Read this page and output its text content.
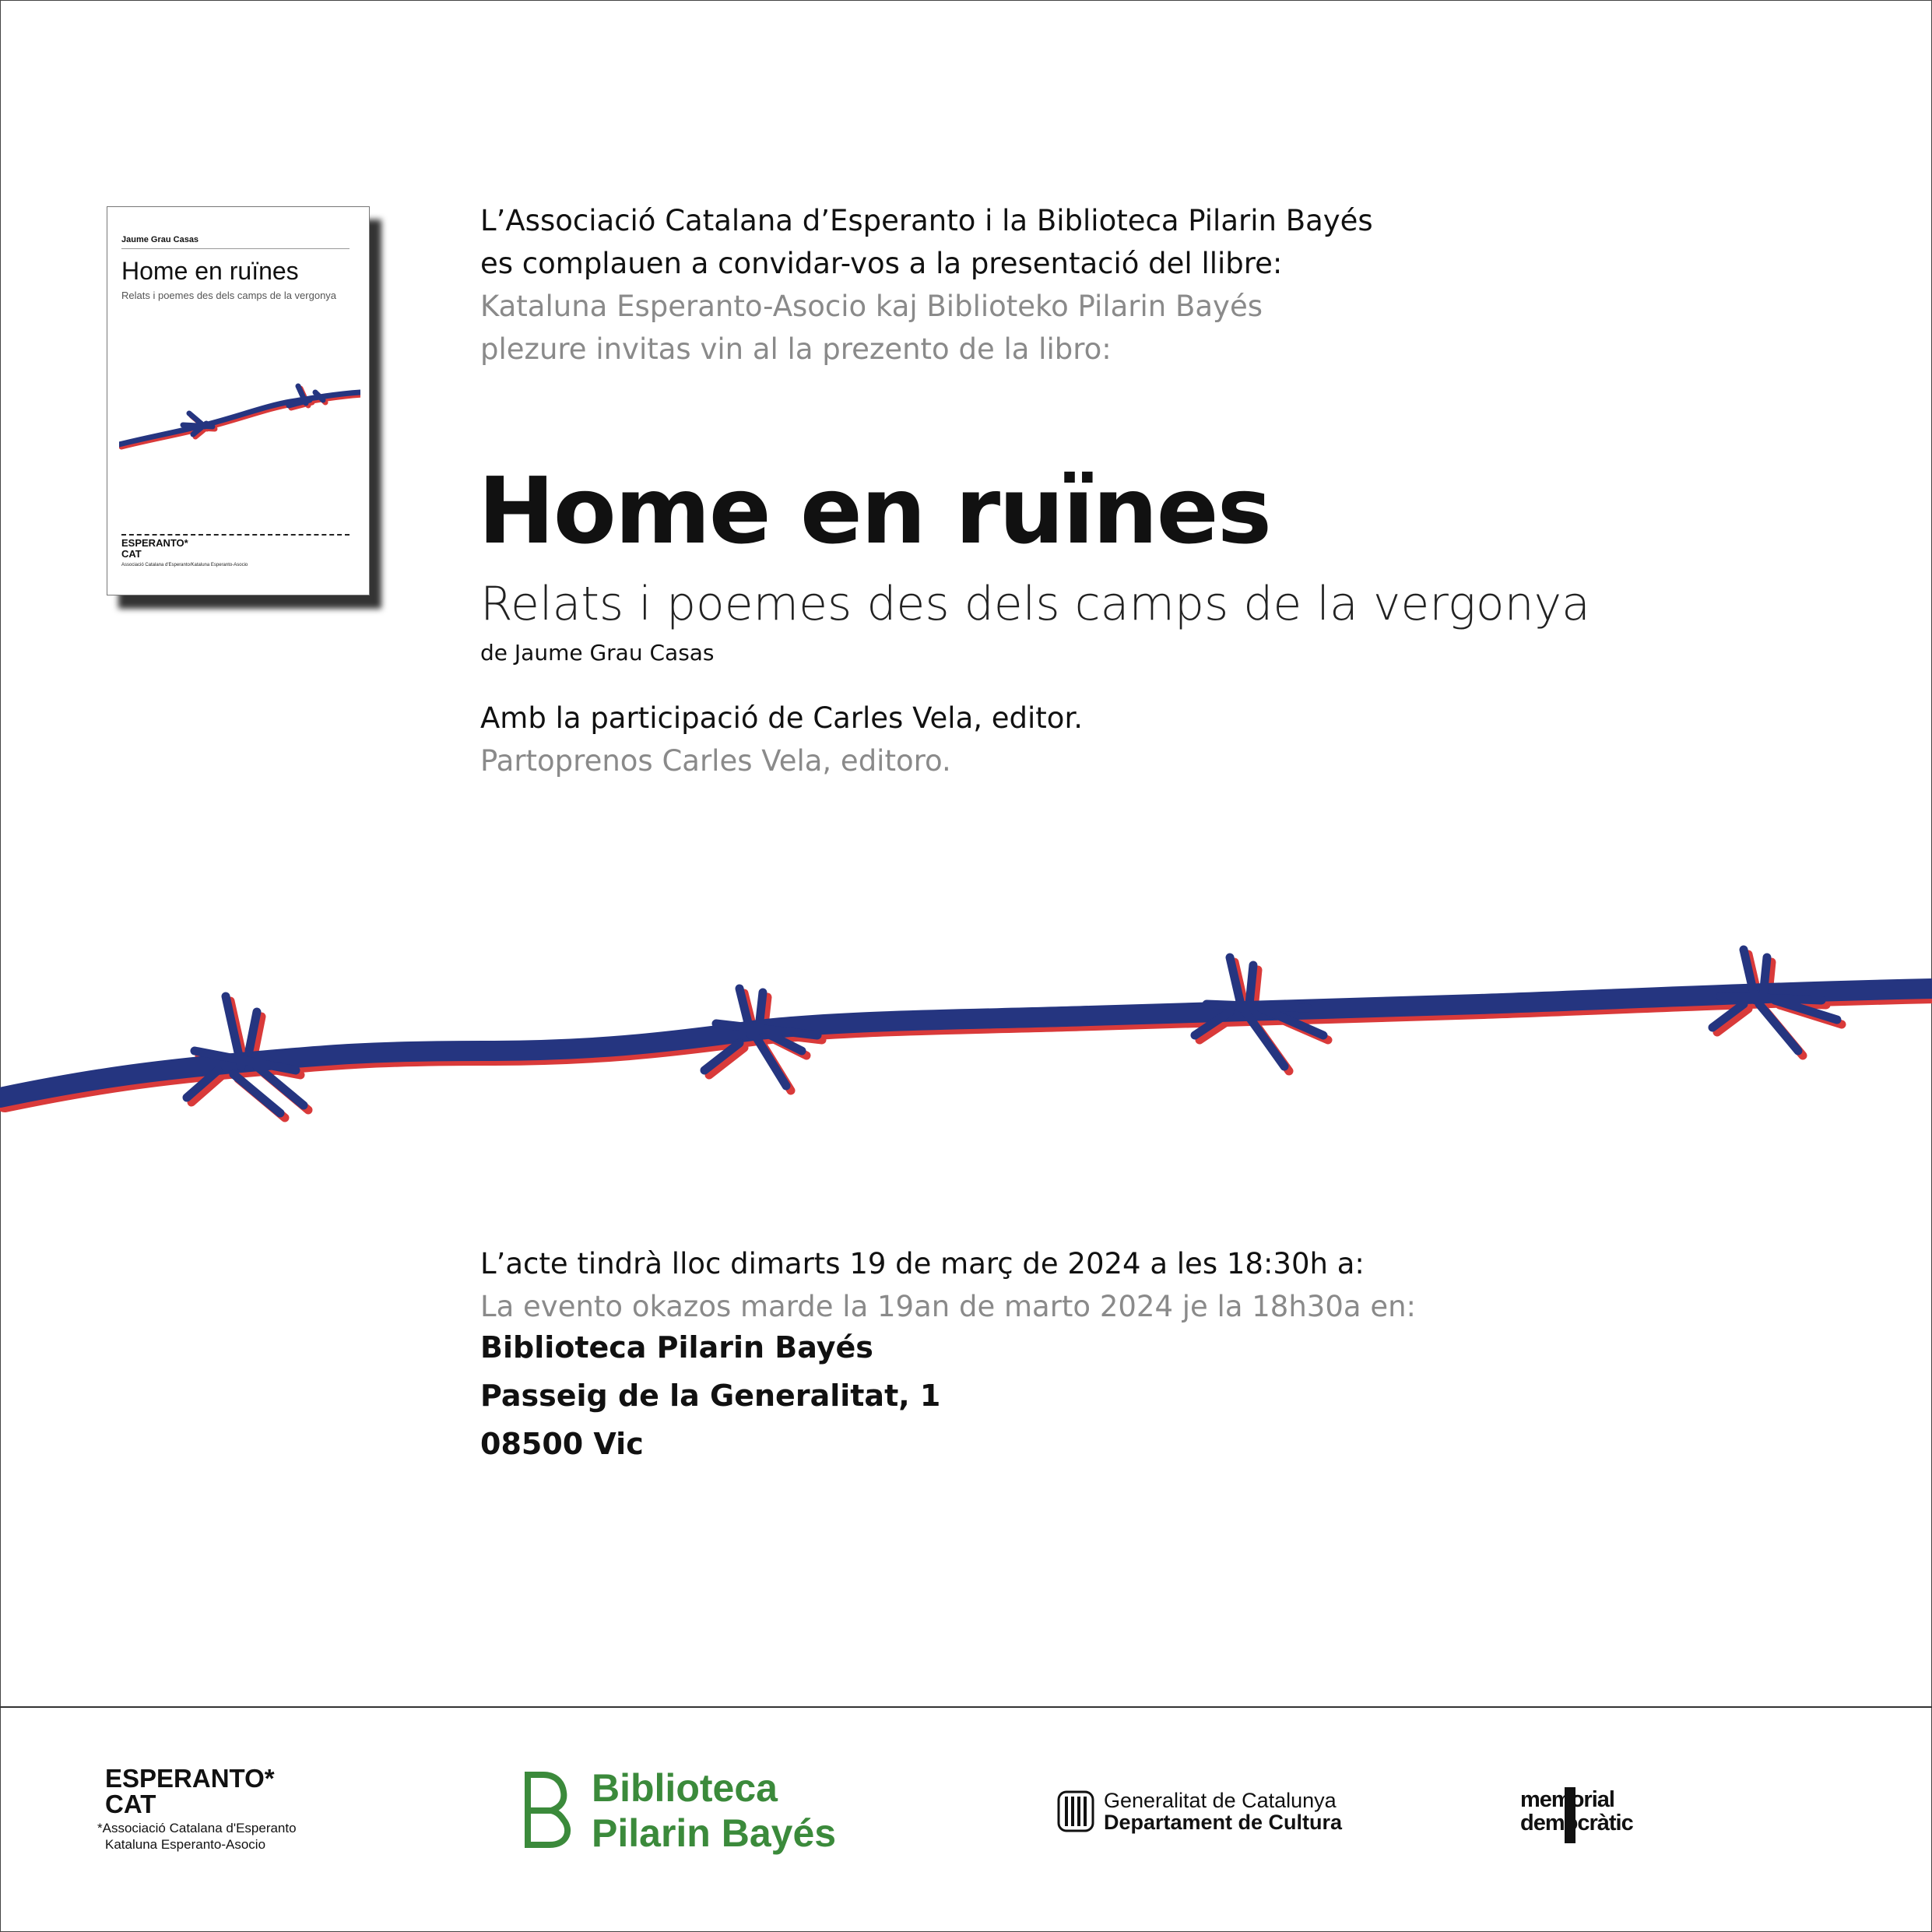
Jaume Grau Casas
Home en ruïnes
Relats i poemes des dels camps de la vergonya
ESPERANTO*
CAT
Associació Catalana d'Esperanto/Kataluna Esperanto-Asocio
L’Associació Catalana d’Esperanto i la Biblioteca Pilarin Bayés
es complauen a convidar-vos a la presentació del llibre:
Kataluna Esperanto-Asocio kaj Biblioteko Pilarin Bayés
plezure invitas vin al la prezento de la libro:
Home en ruïnes
Relats i poemes des dels camps de la vergonya
de Jaume Grau Casas
Amb la participació de Carles Vela, editor.
Partoprenos Carles Vela, editoro.
L’acte tindrà lloc dimarts 19 de març de 2024 a les 18:30h a:
La evento okazos marde la 19an de marto 2024 je la 18h30a en:
Biblioteca Pilarin Bayés
Passeig de la Generalitat, 1
08500 Vic
ESPERANTO*
CAT
*Associació Catalana d'Esperanto
Kataluna Esperanto-Asocio
Biblioteca
Pilarin Bayés
Generalitat de Catalunya
Departament de Cultura
memorial
democràtic
